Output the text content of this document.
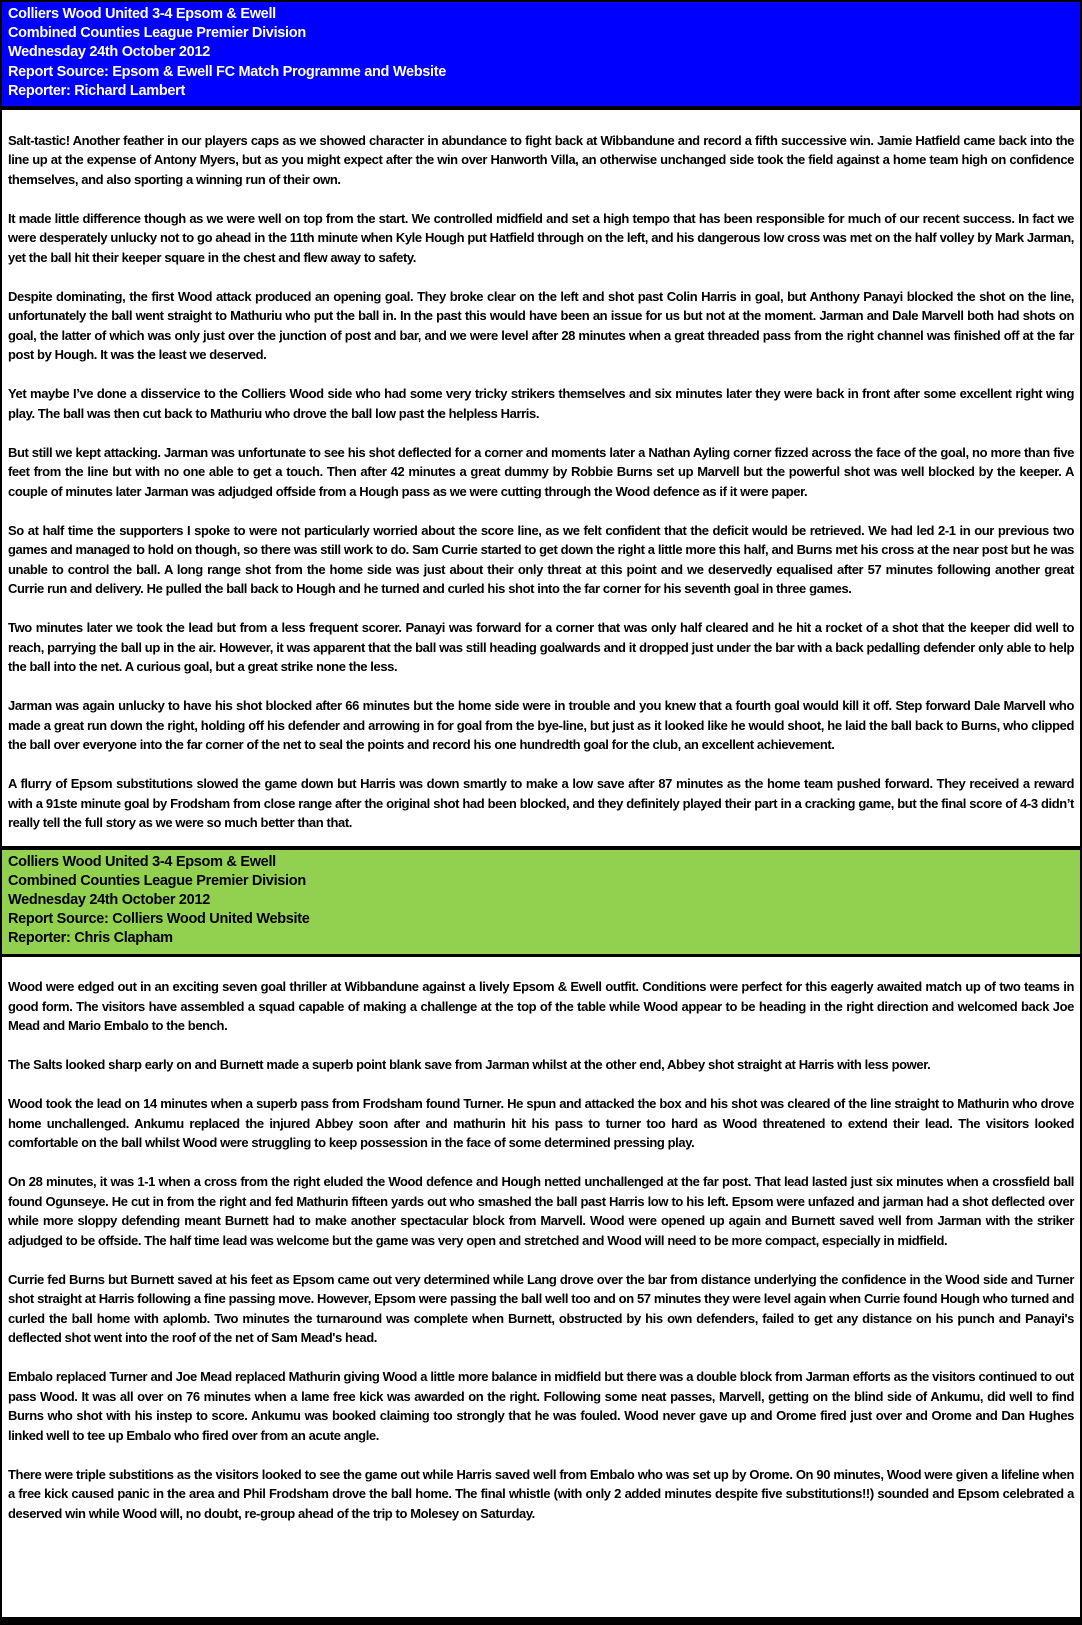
Colliers Wood United 3-4 Epsom & Ewell
Combined Counties League Premier Division
Wednesday 24th October 2012
Report Source: Epsom & Ewell FC Match Programme and Website
Reporter: Richard Lambert

Salt-tastic! Another feather in our players caps as we showed character in abundance to fight back at Wibbandune and record a fifth successive win. Jamie Hatfield came back into the line up at the expense of Antony Myers, but as you might expect after the win over Hanworth Villa, an otherwise unchanged side took the field against a home team high on confidence themselves, and also sporting a winning run of their own.

It made little difference though as we were well on top from the start. We controlled midfield and set a high tempo that has been responsible for much of our recent success. In fact we were desperately unlucky not to go ahead in the 11th minute when Kyle Hough put Hatfield through on the left, and his dangerous low cross was met on the half volley by Mark Jarman, yet the ball hit their keeper square in the chest and flew away to safety.

Despite dominating, the first Wood attack produced an opening goal. They broke clear on the left and shot past Colin Harris in goal, but Anthony Panayi blocked the shot on the line, unfortunately the ball went straight to Mathuriu who put the ball in. In the past this would have been an issue for us but not at the moment. Jarman and Dale Marvell both had shots on goal, the latter of which was only just over the junction of post and bar, and we were level after 28 minutes when a great threaded pass from the right channel was finished off at the far post by Hough. It was the least we deserved.

Yet maybe I’ve done a disservice to the Colliers Wood side who had some very tricky strikers themselves and six minutes later they were back in front after some excellent right wing play. The ball was then cut back to Mathuriu who drove the ball low past the helpless Harris.

But still we kept attacking. Jarman was unfortunate to see his shot deflected for a corner and moments later a Nathan Ayling corner fizzed across the face of the goal, no more than five feet from the line but with no one able to get a touch. Then after 42 minutes a great dummy by Robbie Burns set up Marvell but the powerful shot was well blocked by the keeper. A couple of minutes later Jarman was adjudged offside from a Hough pass as we were cutting through the Wood defence as if it were paper.

So at half time the supporters I spoke to were not particularly worried about the score line, as we felt confident that the deficit would be retrieved. We had led 2-1 in our previous two games and managed to hold on though, so there was still work to do. Sam Currie started to get down the right a little more this half, and Burns met his cross at the near post but he was unable to control the ball. A long range shot from the home side was just about their only threat at this point and we deservedly equalised after 57 minutes following another great Currie run and delivery. He pulled the ball back to Hough and he turned and curled his shot into the far corner for his seventh goal in three games.

Two minutes later we took the lead but from a less frequent scorer. Panayi was forward for a corner that was only half cleared and he hit a rocket of a shot that the keeper did well to reach, parrying the ball up in the air. However, it was apparent that the ball was still heading goalwards and it dropped just under the bar with a back pedalling defender only able to help the ball into the net. A curious goal, but a great strike none the less.

Jarman was again unlucky to have his shot blocked after 66 minutes but the home side were in trouble and you knew that a fourth goal would kill it off. Step forward Dale Marvell who made a great run down the right, holding off his defender and arrowing in for goal from the bye-line, but just as it looked like he would shoot, he laid the ball back to Burns, who clipped the ball over everyone into the far corner of the net to seal the points and record his one hundredth goal for the club, an excellent achievement.

A flurry of Epsom substitutions slowed the game down but Harris was down smartly to make a low save after 87 minutes as the home team pushed forward. They received a reward with a 91ste minute goal by Frodsham from close range after the original shot had been blocked, and they definitely played their part in a cracking game, but the final score of 4-3 didn’t really tell the full story as we were so much better than that.

Colliers Wood United 3-4 Epsom & Ewell
Combined Counties League Premier Division
Wednesday 24th October 2012
Report Source: Colliers Wood United Website
Reporter: Chris Clapham

Wood were edged out in an exciting seven goal thriller at Wibbandune against a lively Epsom & Ewell outfit. Conditions were perfect for this eagerly awaited match up of two teams in good form. The visitors have assembled a squad capable of making a challenge at the top of the table while Wood appear to be heading in the right direction and welcomed back Joe Mead and Mario Embalo to the bench.

The Salts looked sharp early on and Burnett made a superb point blank save from Jarman whilst at the other end, Abbey shot straight at Harris with less power.

Wood took the lead on 14 minutes when a superb pass from Frodsham found Turner. He spun and attacked the box and his shot was cleared of the line straight to Mathurin who drove home unchallenged. Ankumu replaced the injured Abbey soon after and mathurin hit his pass to turner too hard as Wood threatened to extend their lead. The visitors looked comfortable on the ball whilst Wood were struggling to keep possession in the face of some determined pressing play.

On 28 minutes, it was 1-1 when a cross from the right eluded the Wood defence and Hough netted unchallenged at the far post. That lead lasted just six minutes when a crossfield ball found Ogunseye. He cut in from the right and fed Mathurin fifteen yards out who smashed the ball past Harris low to his left. Epsom were unfazed and jarman had a shot deflected over while more sloppy defending meant Burnett had to make another spectacular block from Marvell. Wood were opened up again and Burnett saved well from Jarman with the striker adjudged to be offside. The half time lead was welcome but the game was very open and stretched and Wood will need to be more compact, especially in midfield.

Currie fed Burns but Burnett saved at his feet as Epsom came out very determined while Lang drove over the bar from distance underlying the confidence in the Wood side and Turner shot straight at Harris following a fine passing move. However, Epsom were passing the ball well too and on 57 minutes they were level again when Currie found Hough who turned and curled the ball home with aplomb. Two minutes the turnaround was complete when Burnett, obstructed by his own defenders, failed to get any distance on his punch and Panayi's deflected shot went into the roof of the net of Sam Mead's head.

Embalo replaced Turner and Joe Mead replaced Mathurin giving Wood a little more balance in midfield but there was a double block from Jarman efforts as the visitors continued to out pass Wood. It was all over on 76 minutes when a lame free kick was awarded on the right. Following some neat passes, Marvell, getting on the blind side of Ankumu, did well to find Burns who shot with his instep to score. Ankumu was booked claiming too strongly that he was fouled. Wood never gave up and Orome fired just over and Orome and Dan Hughes linked well to tee up Embalo who fired over from an acute angle.

There were triple substitions as the visitors looked to see the game out while Harris saved well from Embalo who was set up by Orome. On 90 minutes, Wood were given a lifeline when a free kick caused panic in the area and Phil Frodsham drove the ball home. The final whistle (with only 2 added minutes despite five substitutions!!) sounded and Epsom celebrated a deserved win while Wood will, no doubt, re-group ahead of the trip to Molesey on Saturday.
